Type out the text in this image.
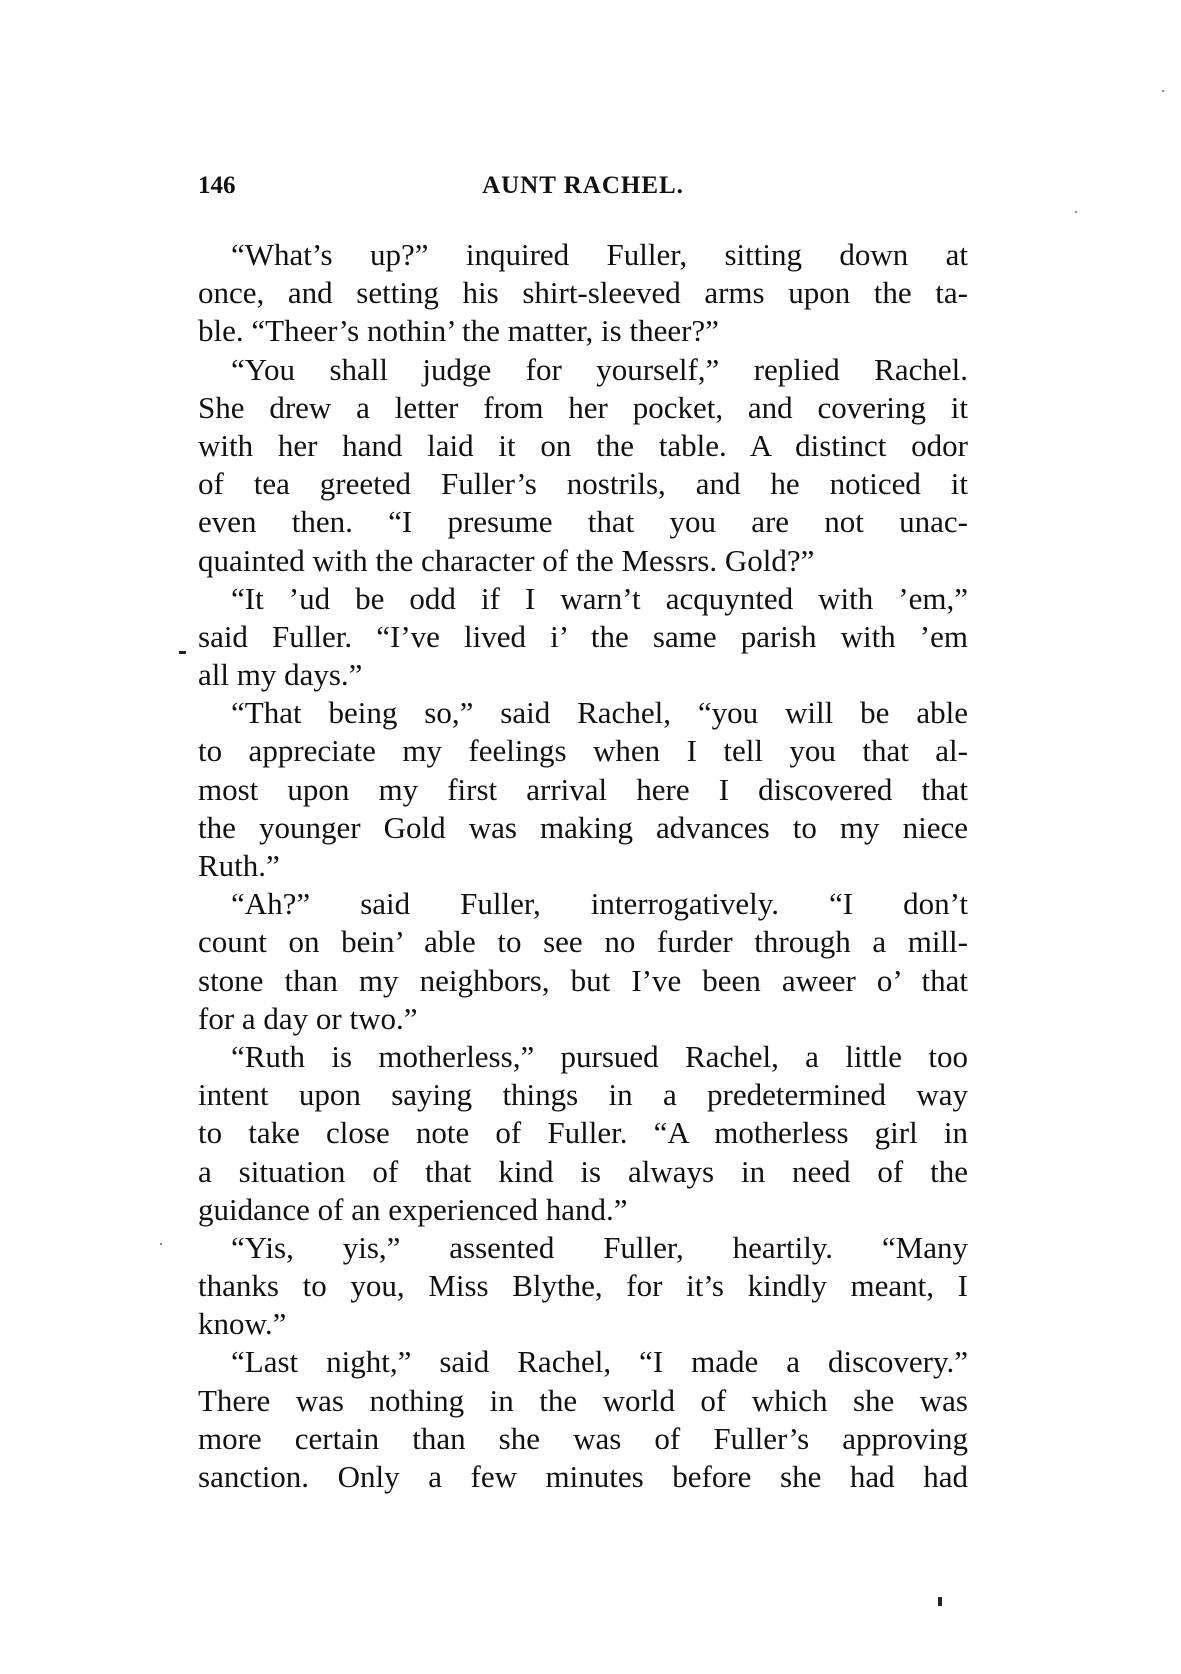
146	AUNT RACHEL.
“What’s up?” inquired Fuller, sitting down at
once, and setting his shirt-sleeved arms upon the ta-
ble. “Theer’s nothin’ the matter, is theer?”
“You shall judge for yourself,” replied Rachel.
She drew a letter from her pocket, and covering it
with her hand laid it on the table. A distinct odor
of tea greeted Fuller’s nostrils, and he noticed it
even then. “I presume that you are not unac-
quainted with the character of the Messrs. Gold?”
“It ’ud be odd if I warn’t acquynted with ’em,”
said Fuller. “I’ve lived i’ the same parish with ’em
all my days.”
“That being so,” said Rachel, “you will be able
to appreciate my feelings when I tell you that al-
most upon my first arrival here I discovered that
the younger Gold was making advances to my niece
Ruth.”
“Ah?” said Fuller, interrogatively. “I don’t
count on bein’ able to see no furder through a mill-
stone than my neighbors, but I’ve been aweer o’ that
for a day or two.”
“Ruth is motherless,” pursued Rachel, a little too
intent upon saying things in a predetermined way
to take close note of Fuller. “A motherless girl in
a situation of that kind is always in need of the
guidance of an experienced hand.”
“Yis, yis,” assented Fuller, heartily. “Many
thanks to you, Miss Blythe, for it’s kindly meant, I
know.”
“Last night,” said Rachel, “I made a discovery.”
There was nothing in the world of which she was
more certain than she was of Fuller’s approving
sanction. Only a few minutes before she had had
